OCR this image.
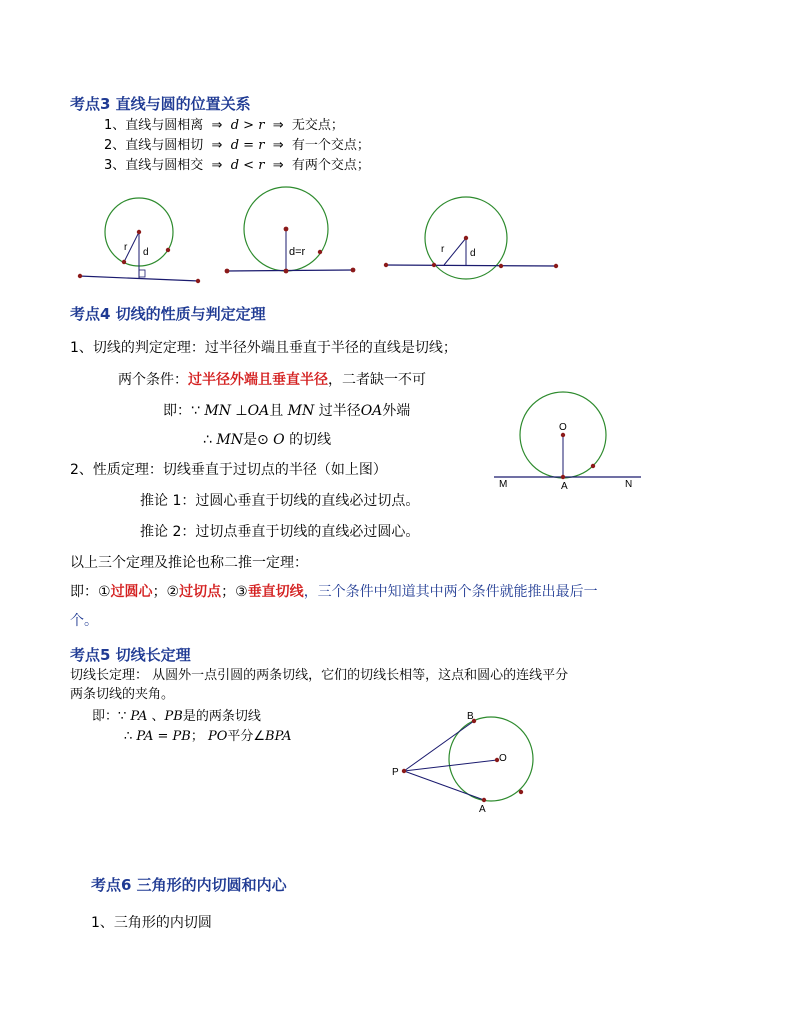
考点3 直线与圆的位置关系
1、直线与圆相离 ⇒ d > r ⇒ 无交点；
2、直线与圆相切 ⇒ d = r ⇒ 有一个交点；
3、直线与圆相交 ⇒ d < r ⇒ 有两个交点；
r d	d=r	r	d
考点4 切线的性质与判定定理
1、切线的判定定理：过半径外端且垂直于半径的直线是切线；
两个条件：过半径外端且垂直半径，二者缺一不可
即：∵ MN ⊥OA且 MN 过半径OA外端
∴ MN是⊙ O 的切线
2、性质定理：切线垂直于过切点的半径（如上图）
推论 1：过圆心垂直于切线的直线必过切点。
推论 2：过切点垂直于切线的直线必过圆心。
以上三个定理及推论也称二推一定理：
即：①过圆心；②过切点；③垂直切线，三个条件中知道其中两个条件就能推出最后一
个。
O
M	A	N
考点5 切线长定理
切线长定理： 从圆外一点引圆的两条切线，它们的切线长相等，这点和圆心的连线平分
两条切线的夹角。
即：∵ PA 、PB是的两条切线
∴ PA = PB； PO平分∠BPA
B
O
P
A
考点6 三角形的内切圆和内心
1、三角形的内切圆
